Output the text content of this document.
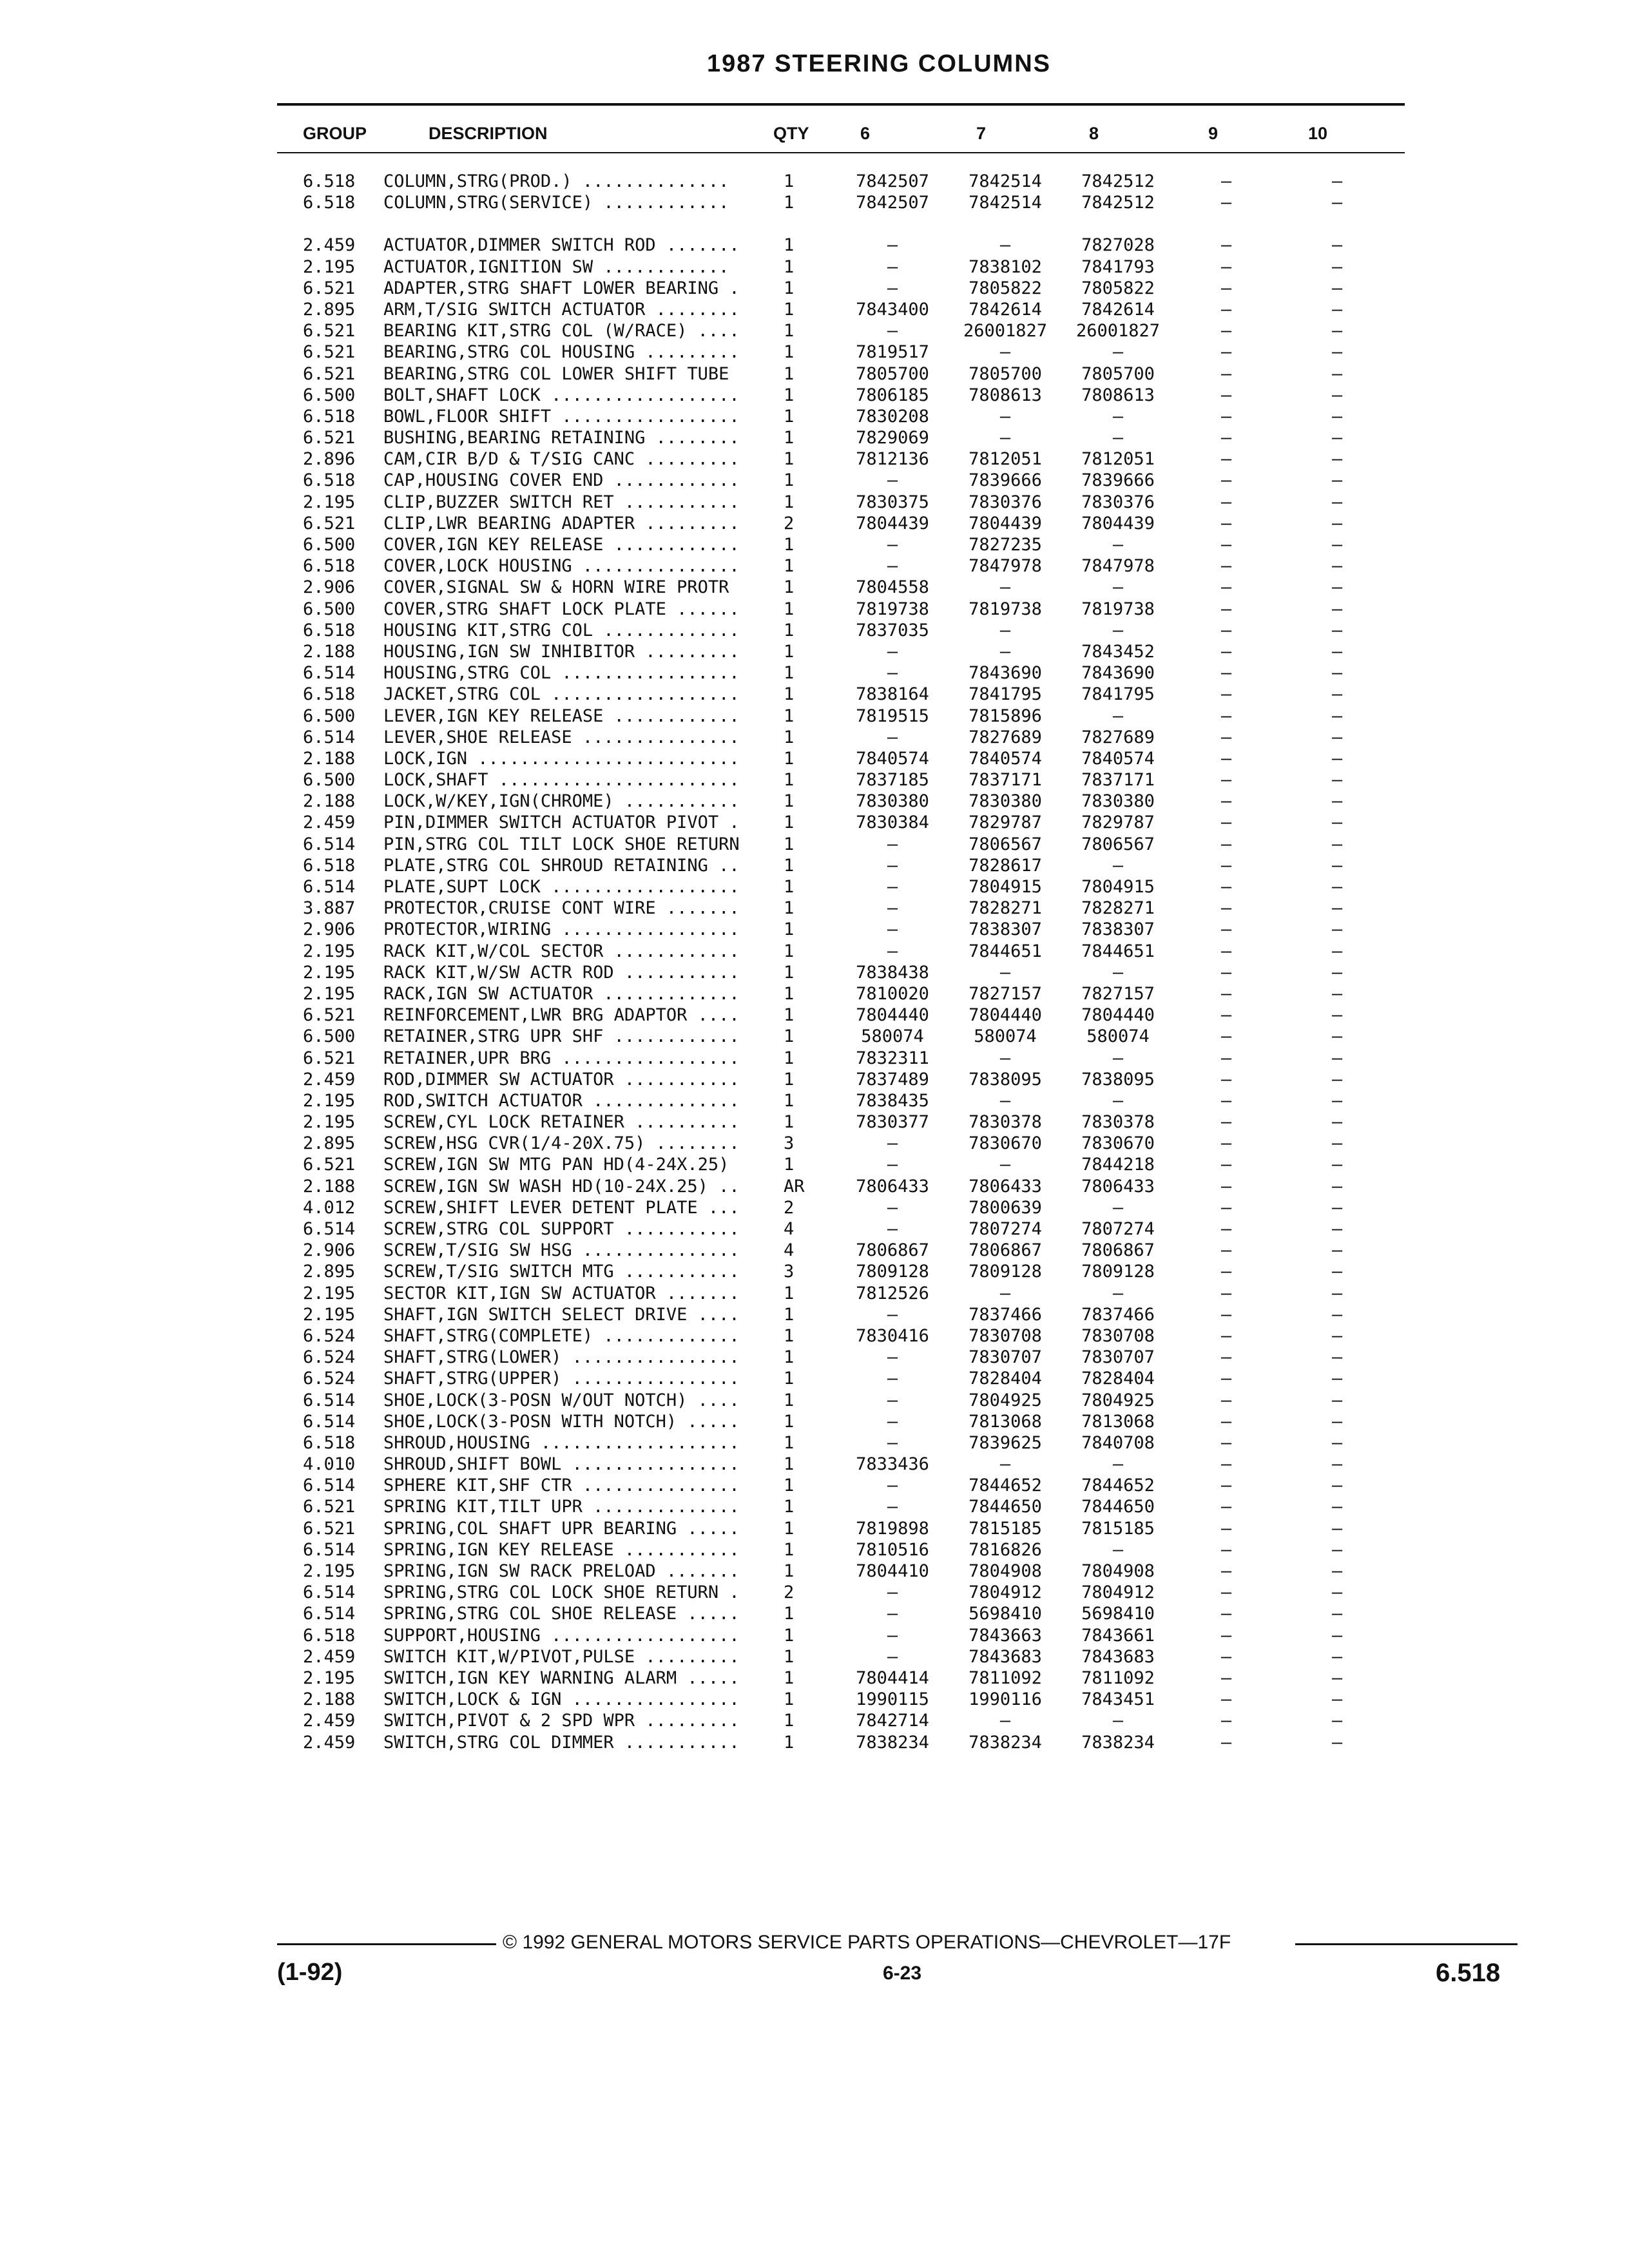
1987 STEERING COLUMNS
GROUP	DESCRIPTION	QTY	6	7	8	9	10
6.518 COLUMN,STRG(PROD.) ..............	1	7842507	7842514	7842512	—	—
6.518 COLUMN,STRG(SERVICE) ............	1	7842507	7842514	7842512	—	—
2.459 ACTUATOR,DIMMER SWITCH ROD .......	1	—	—	7827028	—	—
2.195 ACTUATOR,IGNITION SW ............	1	—	7838102	7841793	—	—
6.521 ADAPTER,STRG SHAFT LOWER BEARING .	1	—	7805822	7805822	—	—
2.895 ARM,T/SIG SWITCH ACTUATOR ........	1	7843400	7842614	7842614	—	—
6.521 BEARING KIT,STRG COL (W/RACE) ....	1	—	26001827	26001827	—	—
6.521 BEARING,STRG COL HOUSING .........	1	7819517	—	—	—	—
6.521 BEARING,STRG COL LOWER SHIFT TUBE	1	7805700	7805700	7805700	—	—
6.500 BOLT,SHAFT LOCK ..................	1	7806185	7808613	7808613	—	—
6.518 BOWL,FLOOR SHIFT .................	1	7830208	—	—	—	—
6.521 BUSHING,BEARING RETAINING ........	1	7829069	—	—	—	—
2.896 CAM,CIR B/D & T/SIG CANC .........	1	7812136	7812051	7812051	—	—
6.518 CAP,HOUSING COVER END ............	1	—	7839666	7839666	—	—
2.195 CLIP,BUZZER SWITCH RET ...........	1	7830375	7830376	7830376	—	—
6.521 CLIP,LWR BEARING ADAPTER .........	2	7804439	7804439	7804439	—	—
6.500 COVER,IGN KEY RELEASE ............	1	—	7827235	—	—	—
6.518 COVER,LOCK HOUSING ...............	1	—	7847978	7847978	—	—
2.906 COVER,SIGNAL SW & HORN WIRE PROTR	1	7804558	—	—	—	—
6.500 COVER,STRG SHAFT LOCK PLATE ......	1	7819738	7819738	7819738	—	—
6.518 HOUSING KIT,STRG COL .............	1	7837035	—	—	—	—
2.188 HOUSING,IGN SW INHIBITOR .........	1	—	—	7843452	—	—
6.514 HOUSING,STRG COL .................	1	—	7843690	7843690	—	—
6.518 JACKET,STRG COL ..................	1	7838164	7841795	7841795	—	—
6.500 LEVER,IGN KEY RELEASE ............	1	7819515	7815896	—	—	—
6.514 LEVER,SHOE RELEASE ...............	1	—	7827689	7827689	—	—
2.188 LOCK,IGN .........................	1	7840574	7840574	7840574	—	—
6.500 LOCK,SHAFT .......................	1	7837185	7837171	7837171	—	—
2.188 LOCK,W/KEY,IGN(CHROME) ...........	1	7830380	7830380	7830380	—	—
2.459 PIN,DIMMER SWITCH ACTUATOR PIVOT .	1	7830384	7829787	7829787	—	—
6.514 PIN,STRG COL TILT LOCK SHOE RETURN	1	—	7806567	7806567	—	—
6.518 PLATE,STRG COL SHROUD RETAINING ..	1	—	7828617	—	—	—
6.514 PLATE,SUPT LOCK ..................	1	—	7804915	7804915	—	—
3.887 PROTECTOR,CRUISE CONT WIRE .......	1	—	7828271	7828271	—	—
2.906 PROTECTOR,WIRING .................	1	—	7838307	7838307	—	—
2.195 RACK KIT,W/COL SECTOR ............	1	—	7844651	7844651	—	—
2.195 RACK KIT,W/SW ACTR ROD ...........	1	7838438	—	—	—	—
2.195 RACK,IGN SW ACTUATOR .............	1	7810020	7827157	7827157	—	—
6.521 REINFORCEMENT,LWR BRG ADAPTOR ....	1	7804440	7804440	7804440	—	—
6.500 RETAINER,STRG UPR SHF ............	1	580074	580074	580074	—	—
6.521 RETAINER,UPR BRG .................	1	7832311	—	—	—	—
2.459 ROD,DIMMER SW ACTUATOR ...........	1	7837489	7838095	7838095	—	—
2.195 ROD,SWITCH ACTUATOR ..............	1	7838435	—	—	—	—
2.195 SCREW,CYL LOCK RETAINER ..........	1	7830377	7830378	7830378	—	—
2.895 SCREW,HSG CVR(1/4-20X.75) ........	3	—	7830670	7830670	—	—
6.521 SCREW,IGN SW MTG PAN HD(4-24X.25)	1	—	—	7844218	—	—
2.188 SCREW,IGN SW WASH HD(10-24X.25) ..	AR	7806433	7806433	7806433	—	—
4.012 SCREW,SHIFT LEVER DETENT PLATE ...	2	—	7800639	—	—	—
6.514 SCREW,STRG COL SUPPORT ...........	4	—	7807274	7807274	—	—
2.906 SCREW,T/SIG SW HSG ...............	4	7806867	7806867	7806867	—	—
2.895 SCREW,T/SIG SWITCH MTG ...........	3	7809128	7809128	7809128	—	—
2.195 SECTOR KIT,IGN SW ACTUATOR .......	1	7812526	—	—	—	—
2.195 SHAFT,IGN SWITCH SELECT DRIVE ....	1	—	7837466	7837466	—	—
6.524 SHAFT,STRG(COMPLETE) .............	1	7830416	7830708	7830708	—	—
6.524 SHAFT,STRG(LOWER) ................	1	—	7830707	7830707	—	—
6.524 SHAFT,STRG(UPPER) ................	1	—	7828404	7828404	—	—
6.514 SHOE,LOCK(3-POSN W/OUT NOTCH) ....	1	—	7804925	7804925	—	—
6.514 SHOE,LOCK(3-POSN WITH NOTCH) .....	1	—	7813068	7813068	—	—
6.518 SHROUD,HOUSING ...................	1	—	7839625	7840708	—	—
4.010 SHROUD,SHIFT BOWL ................	1	7833436	—	—	—	—
6.514 SPHERE KIT,SHF CTR ...............	1	—	7844652	7844652	—	—
6.521 SPRING KIT,TILT UPR ..............	1	—	7844650	7844650	—	—
6.521 SPRING,COL SHAFT UPR BEARING .....	1	7819898	7815185	7815185	—	—
6.514 SPRING,IGN KEY RELEASE ...........	1	7810516	7816826	—	—	—
2.195 SPRING,IGN SW RACK PRELOAD .......	1	7804410	7804908	7804908	—	—
6.514 SPRING,STRG COL LOCK SHOE RETURN .	2	—	7804912	7804912	—	—
6.514 SPRING,STRG COL SHOE RELEASE .....	1	—	5698410	5698410	—	—
6.518 SUPPORT,HOUSING ..................	1	—	7843663	7843661	—	—
2.459 SWITCH KIT,W/PIVOT,PULSE .........	1	—	7843683	7843683	—	—
2.195 SWITCH,IGN KEY WARNING ALARM .....	1	7804414	7811092	7811092	—	—
2.188 SWITCH,LOCK & IGN ................	1	1990115	1990116	7843451	—	—
2.459 SWITCH,PIVOT & 2 SPD WPR .........	1	7842714	—	—	—	—
2.459 SWITCH,STRG COL DIMMER ...........	1	7838234	7838234	7838234	—	—
© 1992 GENERAL MOTORS SERVICE PARTS OPERATIONS—CHEVROLET—17F
(1-92)	6-23	6.518
